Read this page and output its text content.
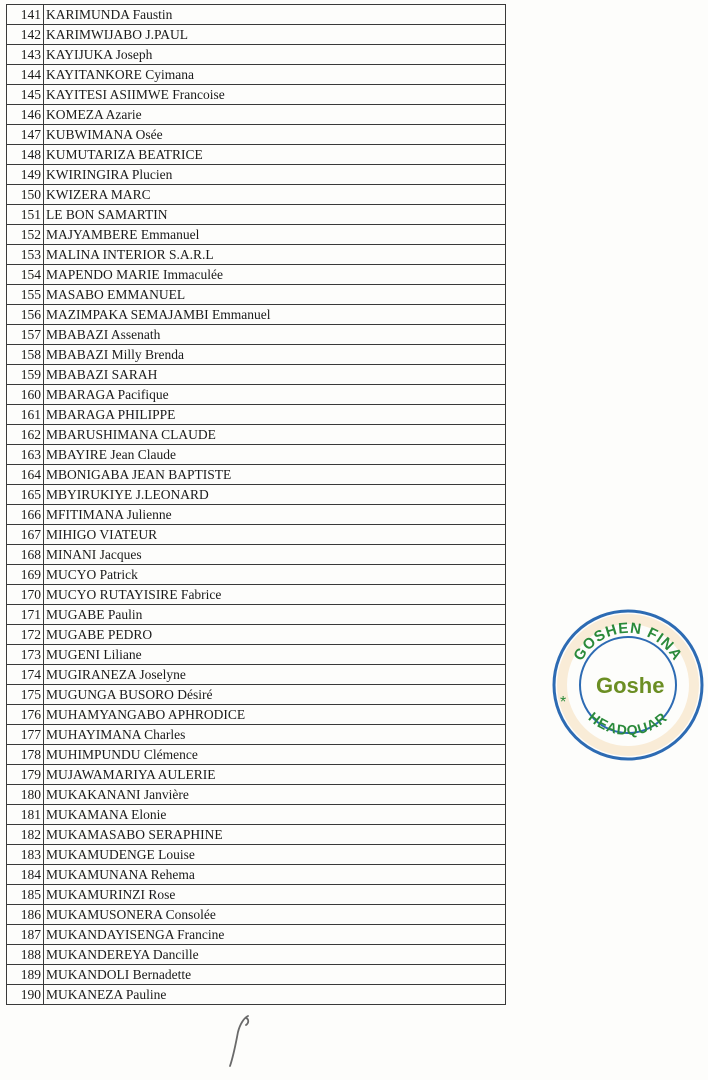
141	KARIMUNDA Faustin
142	KARIMWIJABO J.PAUL
143	KAYIJUKA Joseph
144	KAYITANKORE Cyimana
145	KAYITESI ASIIMWE Francoise
146	KOMEZA Azarie
147	KUBWIMANA Osée
148	KUMUTARIZA BEATRICE
149	KWIRINGIRA Plucien
150	KWIZERA MARC
151	LE BON SAMARTIN
152	MAJYAMBERE Emmanuel
153	MALINA INTERIOR S.A.R.L
154	MAPENDO MARIE Immaculée
155	MASABO EMMANUEL
156	MAZIMPAKA SEMAJAMBI Emmanuel
157	MBABAZI Assenath
158	MBABAZI Milly Brenda
159	MBABAZI SARAH
160	MBARAGA Pacifique
161	MBARAGA PHILIPPE
162	MBARUSHIMANA CLAUDE
163	MBAYIRE Jean Claude
164	MBONIGABA JEAN BAPTISTE
165	MBYIRUKIYE J.LEONARD
166	MFITIMANA Julienne
167	MIHIGO VIATEUR
168	MINANI Jacques
169	MUCYO Patrick
170	MUCYO RUTAYISIRE Fabrice
171	MUGABE Paulin
172	MUGABE PEDRO
173	MUGENI Liliane
174	MUGIRANEZA Joselyne
175	MUGUNGA BUSORO Désiré
176	MUHAMYANGABO APHRODICE
177	MUHAYIMANA Charles
178	MUHIMPUNDU Clémence
179	MUJAWAMARIYA AULERIE
180	MUKAKANANI Janvière
181	MUKAMANA Elonie
182	MUKAMASABO SERAPHINE
183	MUKAMUDENGE Louise
184	MUKAMUNANA Rehema
185	MUKAMURINZI Rose
186	MUKAMUSONERA Consolée
187	MUKANDAYISENGA Francine
188	MUKANDEREYA Dancille
189	MUKANDOLI Bernadette
190	MUKANEZA Pauline
GOSHEN FINA
HEADQUAR
*
Goshe
